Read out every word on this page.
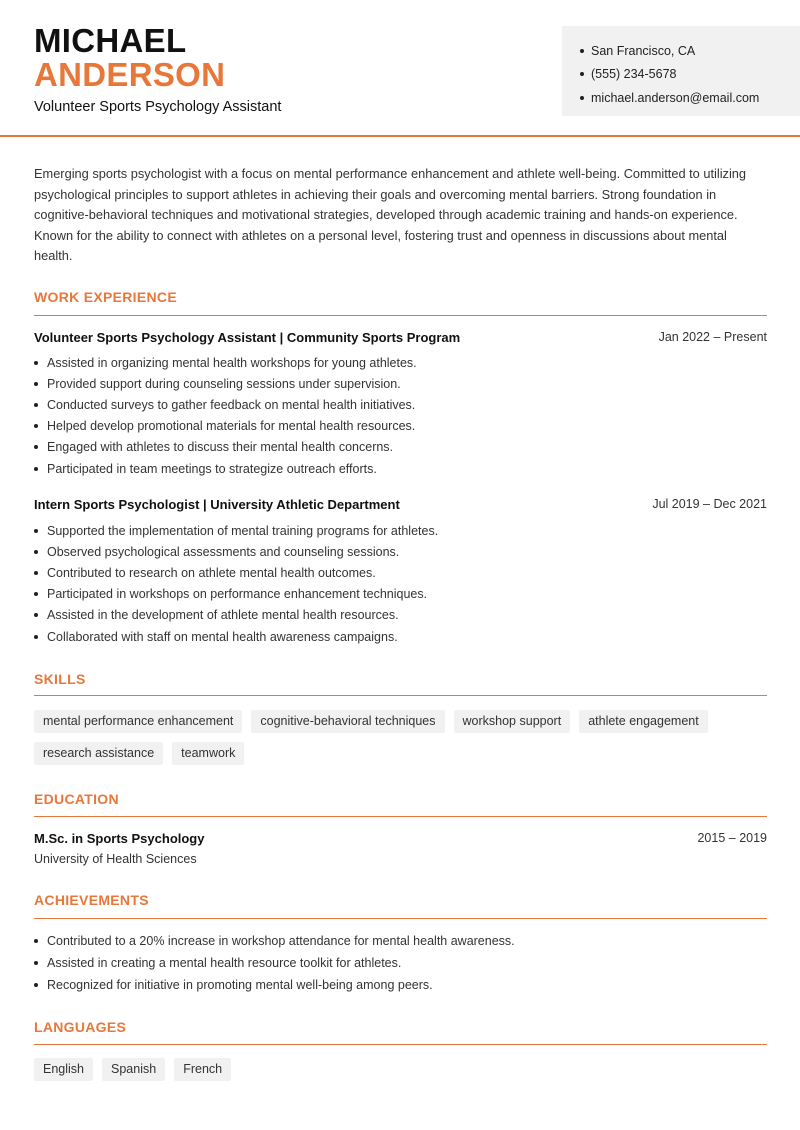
MICHAEL
ANDERSON
Volunteer Sports Psychology Assistant
San Francisco, CA
(555) 234-5678
michael.anderson@email.com
Emerging sports psychologist with a focus on mental performance enhancement and athlete well-being. Committed to utilizing psychological principles to support athletes in achieving their goals and overcoming mental barriers. Strong foundation in cognitive-behavioral techniques and motivational strategies, developed through academic training and hands-on experience. Known for the ability to connect with athletes on a personal level, fostering trust and openness in discussions about mental health.
WORK EXPERIENCE
Volunteer Sports Psychology Assistant | Community Sports Program	Jan 2022 – Present
Assisted in organizing mental health workshops for young athletes.
Provided support during counseling sessions under supervision.
Conducted surveys to gather feedback on mental health initiatives.
Helped develop promotional materials for mental health resources.
Engaged with athletes to discuss their mental health concerns.
Participated in team meetings to strategize outreach efforts.
Intern Sports Psychologist | University Athletic Department	Jul 2019 – Dec 2021
Supported the implementation of mental training programs for athletes.
Observed psychological assessments and counseling sessions.
Contributed to research on athlete mental health outcomes.
Participated in workshops on performance enhancement techniques.
Assisted in the development of athlete mental health resources.
Collaborated with staff on mental health awareness campaigns.
SKILLS
mental performance enhancement	cognitive-behavioral techniques	workshop support	athlete engagement
research assistance	teamwork
EDUCATION
M.Sc. in Sports Psychology	2015 – 2019
University of Health Sciences
ACHIEVEMENTS
Contributed to a 20% increase in workshop attendance for mental health awareness.
Assisted in creating a mental health resource toolkit for athletes.
Recognized for initiative in promoting mental well-being among peers.
LANGUAGES
English	Spanish	French
